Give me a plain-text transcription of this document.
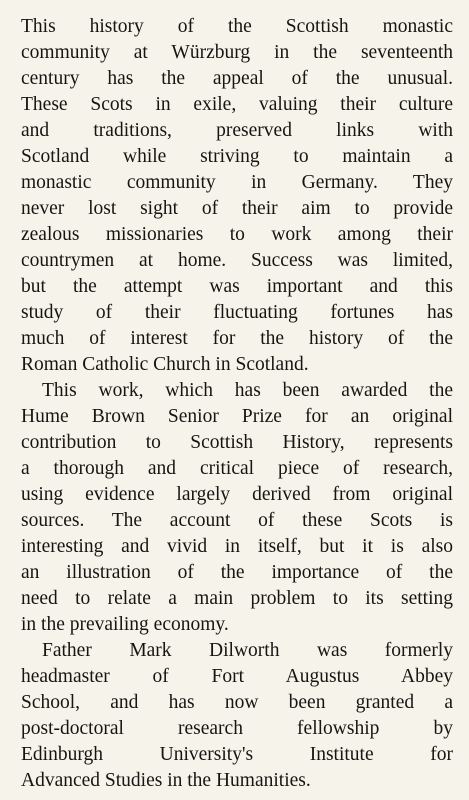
This history of the Scottish monastic
community at Würzburg in the seventeenth
century has the appeal of the unusual.
These Scots in exile, valuing their culture
and traditions, preserved links with
Scotland while striving to maintain a
monastic community in Germany. They
never lost sight of their aim to provide
zealous missionaries to work among their
countrymen at home. Success was limited,
but the attempt was important and this
study of their fluctuating fortunes has
much of interest for the history of the
Roman Catholic Church in Scotland.
This work, which has been awarded the
Hume Brown Senior Prize for an original
contribution to Scottish History, represents
a thorough and critical piece of research,
using evidence largely derived from original
sources. The account of these Scots is
interesting and vivid in itself, but it is also
an illustration of the importance of the
need to relate a main problem to its setting
in the prevailing economy.
Father Mark Dilworth was formerly
headmaster of Fort Augustus Abbey
School, and has now been granted a
post-doctoral research fellowship by
Edinburgh University's Institute for
Advanced Studies in the Humanities.
